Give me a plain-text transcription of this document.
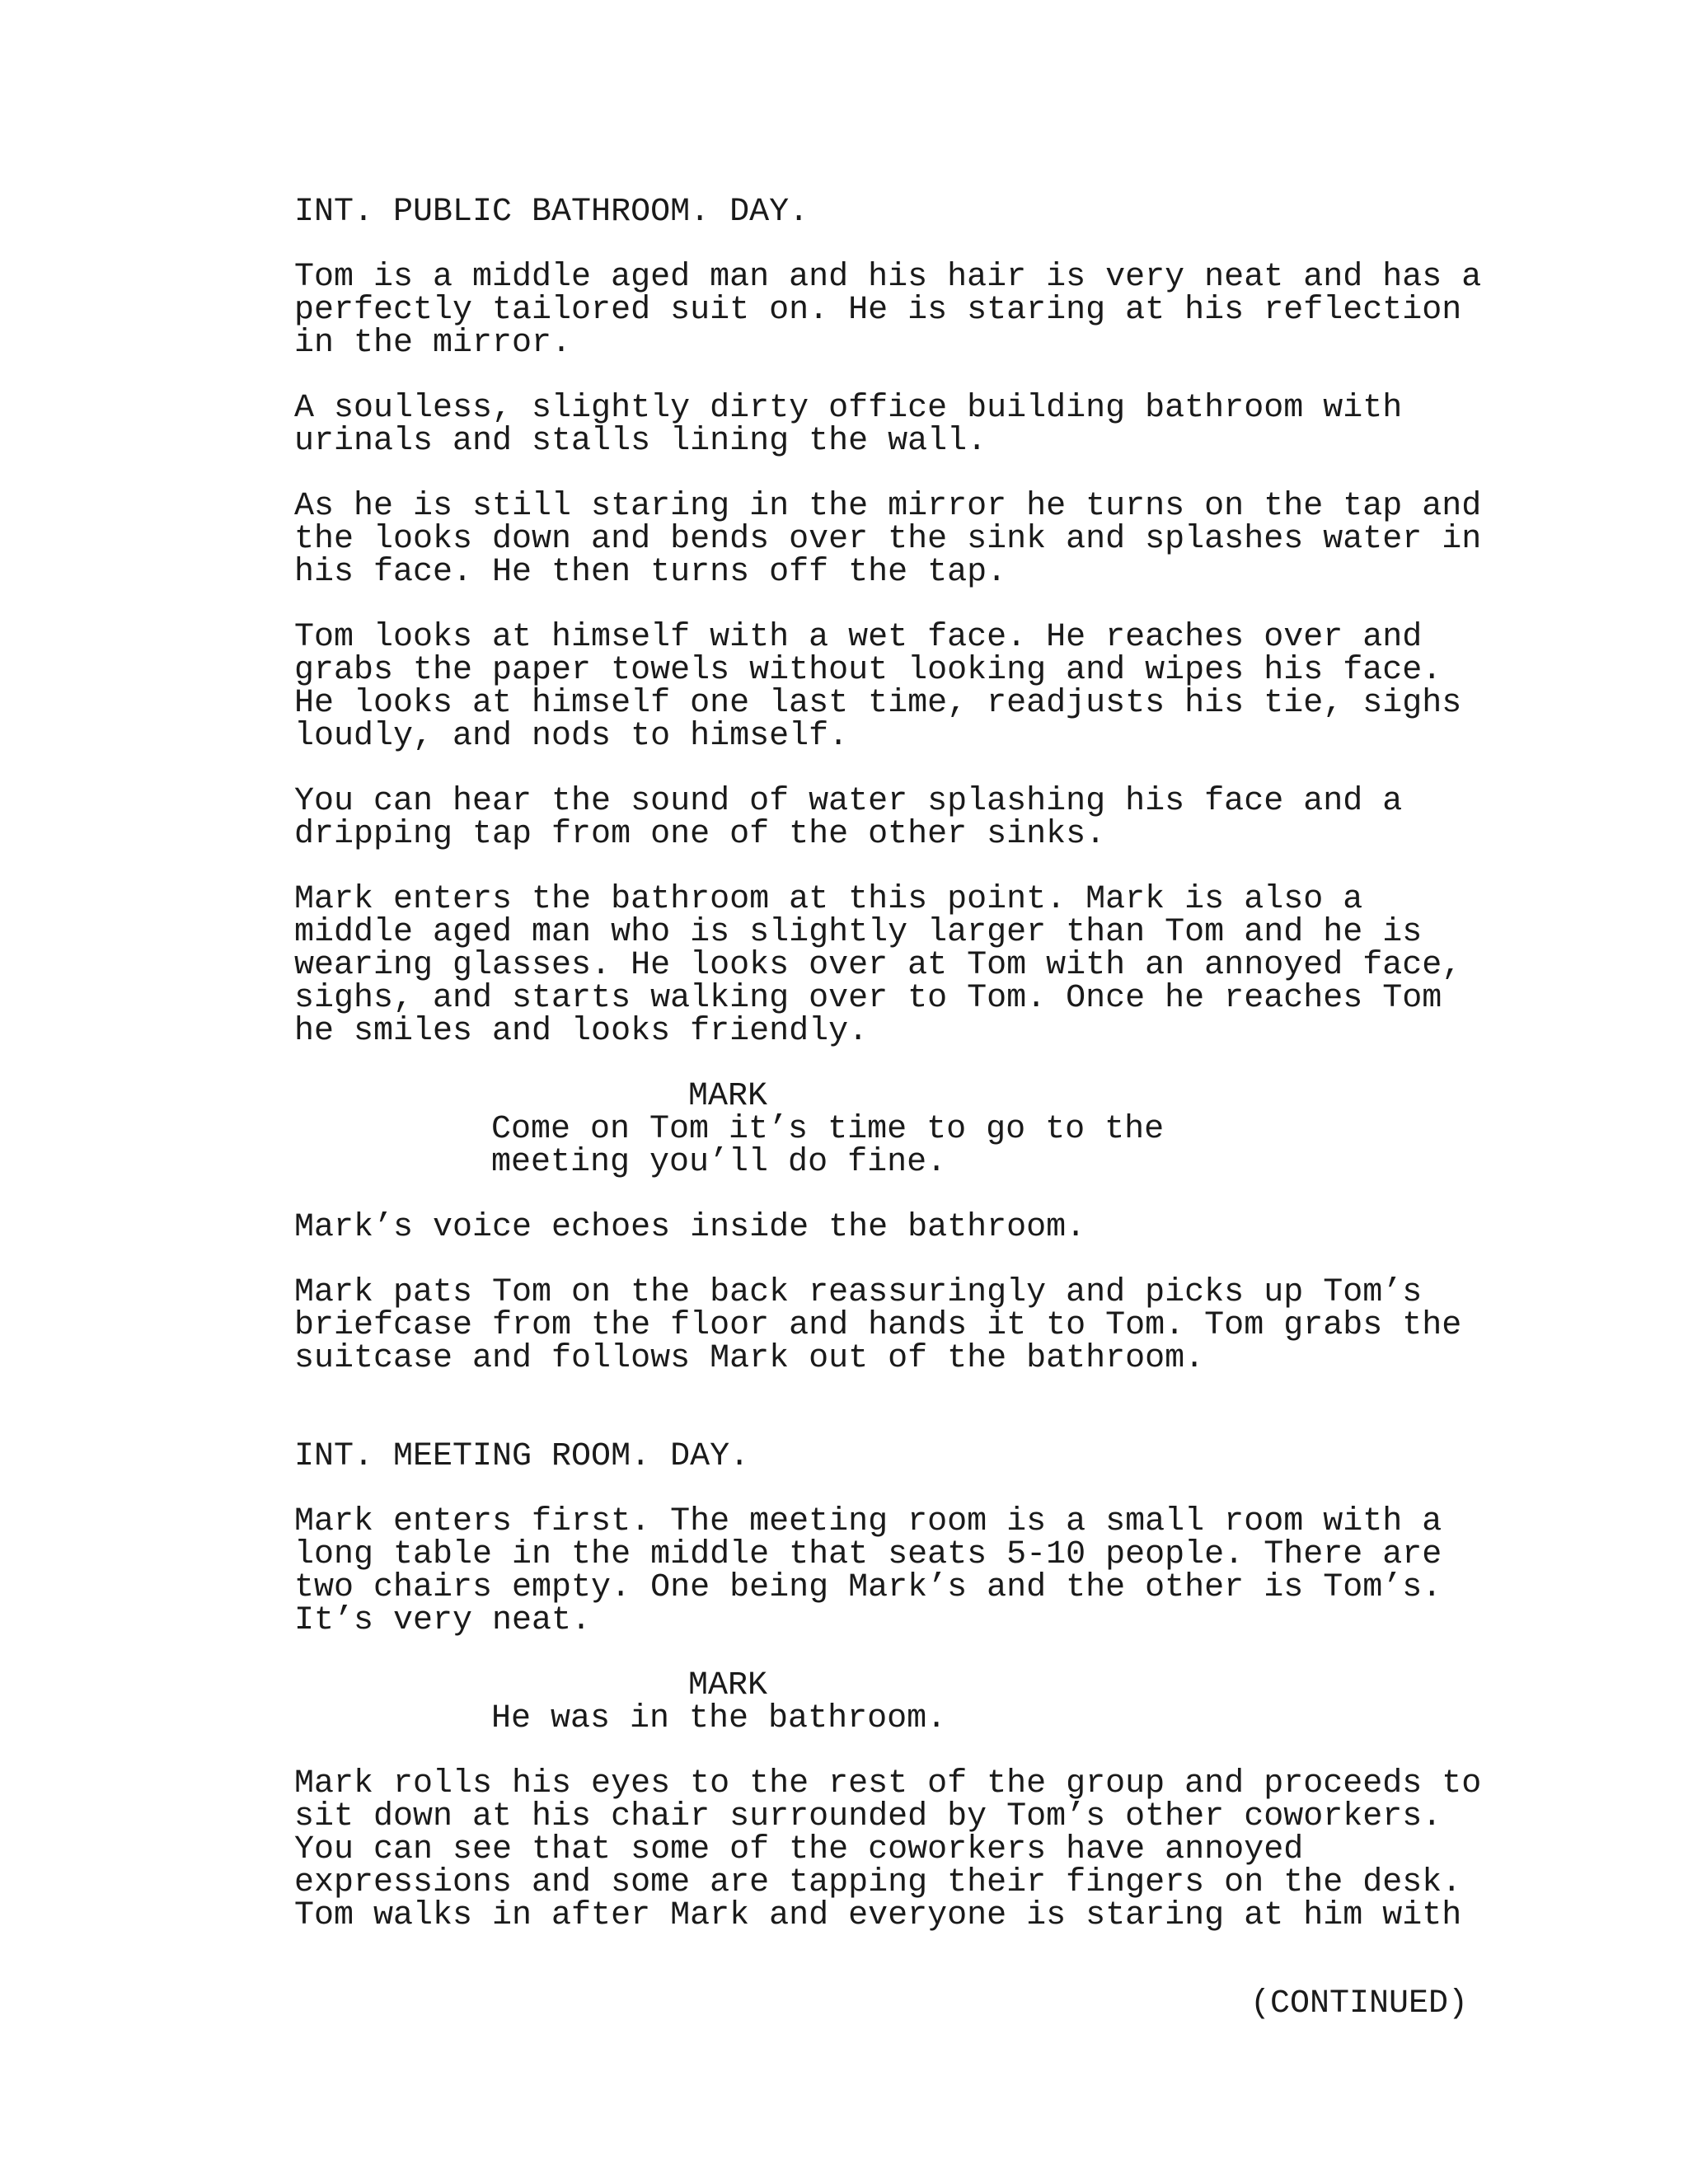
INT. PUBLIC BATHROOM. DAY.

Tom is a middle aged man and his hair is very neat and has a

perfectly tailored suit on. He is staring at his reflection

in the mirror.

A soulless, slightly dirty office building bathroom with

urinals and stalls lining the wall.

As he is still staring in the mirror he turns on the tap and

the looks down and bends over the sink and splashes water in

his face. He then turns off the tap.

Tom looks at himself with a wet face. He reaches over and

grabs the paper towels without looking and wipes his face.

He looks at himself one last time, readjusts his tie, sighs

loudly, and nods to himself.

You can hear the sound of water splashing his face and a

dripping tap from one of the other sinks.

Mark enters the bathroom at this point. Mark is also a

middle aged man who is slightly larger than Tom and he is

wearing glasses. He looks over at Tom with an annoyed face,

sighs, and starts walking over to Tom. Once he reaches Tom

he smiles and looks friendly.

MARK

Come on Tom it’s time to go to the

meeting you’ll do fine.

Mark’s voice echoes inside the bathroom.

Mark pats Tom on the back reassuringly and picks up Tom’s

briefcase from the floor and hands it to Tom. Tom grabs the

suitcase and follows Mark out of the bathroom.

INT. MEETING ROOM. DAY.

Mark enters first. The meeting room is a small room with a

long table in the middle that seats 5-10 people. There are

two chairs empty. One being Mark’s and the other is Tom’s.

It’s very neat.

MARK

He was in the bathroom.

Mark rolls his eyes to the rest of the group and proceeds to

sit down at his chair surrounded by Tom’s other coworkers.

You can see that some of the coworkers have annoyed

expressions and some are tapping their fingers on the desk.

Tom walks in after Mark and everyone is staring at him with

(CONTINUED)
